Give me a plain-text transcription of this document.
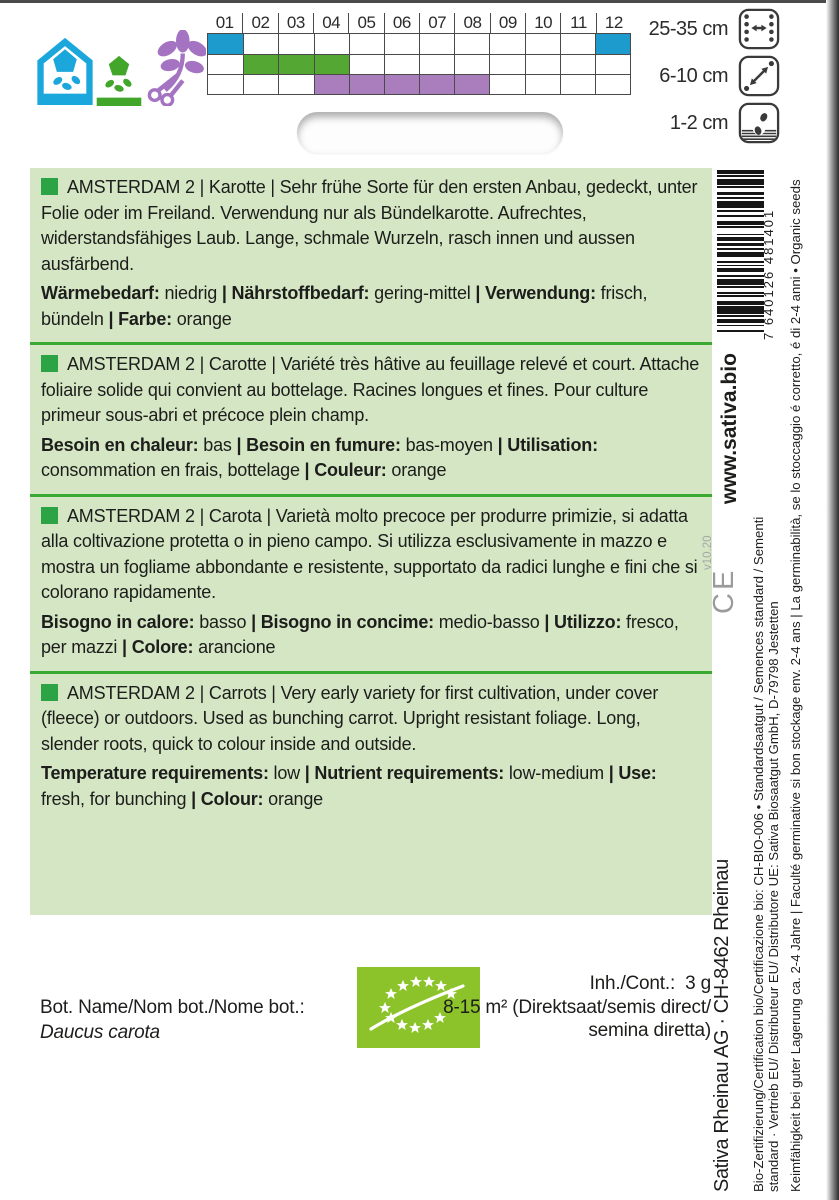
01	02	03	04	05	06	07	08	09	10	11	12	25-35 cm
6-10 cm
1-2 cm

AMSTERDAM 2 | Karotte | Sehr frühe Sorte für den ersten Anbau, gedeckt, unter Folie oder im Freiland. Verwendung nur als Bündelkarotte. Aufrechtes, widerstandsfähiges Laub. Lange, schmale Wurzeln, rasch innen und aussen ausfärbend.

Wärmebedarf: niedrig | Nährstoffbedarf: gering-mittel | Verwendung: frisch, bündeln | Farbe: orange

AMSTERDAM 2 | Carotte | Variété très hâtive au feuillage relevé et court. Attache foliaire solide qui convient au bottelage. Racines longues et fines. Pour culture primeur sous-abri et précoce plein champ.

Besoin en chaleur: bas | Besoin en fumure: bas-moyen | Utilisation: consommation en frais, bottelage | Couleur: orange

AMSTERDAM 2 | Carota | Varietà molto precoce per produrre primizie, si adatta alla coltivazione protetta o in pieno campo. Si utilizza esclusivamente in mazzo e mostra un fogliame abbondante e resistente, supportato da radici lunghe e fini che si colorano rapidamente.

Bisogno in calore: basso | Bisogno in concime: medio-basso | Utilizzo: fresco, per mazzi | Colore: arancione

AMSTERDAM 2 | Carrots | Very early variety for first cultivation, under cover (fleece) or outdoors. Used as bunching carrot. Upright resistant foliage. Long, slender roots, quick to colour inside and outside.

Temperature requirements: low | Nutrient requirements: low-medium | Use: fresh, for bunching | Colour: orange

7 640126 481401
www.sativa.bio
Bio-Zertifizierung/Certification bio/Certificazione bio: CH-BIO-006 • Standardsaatgut / Semences standard / Sementi standard · Vertrieb EU/ Distributeur EU/ Distributore UE: Sativa Biosaatgut GmbH, D-79798 Jestetten Keimfähigkeit bei guter Lagerung ca. 2-4 Jahre | Faculté germinative si bon stockage env. 2-4 ans | La germinabilità, se lo stoccaggio é corretto, é di 2-4 anni • Organic seeds
v10.20
CE
Sativa Rheinau AG · CH-8462 Rheinau
Bot. Name/Nom bot./Nome bot.:
Daucus carota
Inh./Cont.:  3 g
8-15 m² (Direktsaat/semis direct/
semina diretta)
